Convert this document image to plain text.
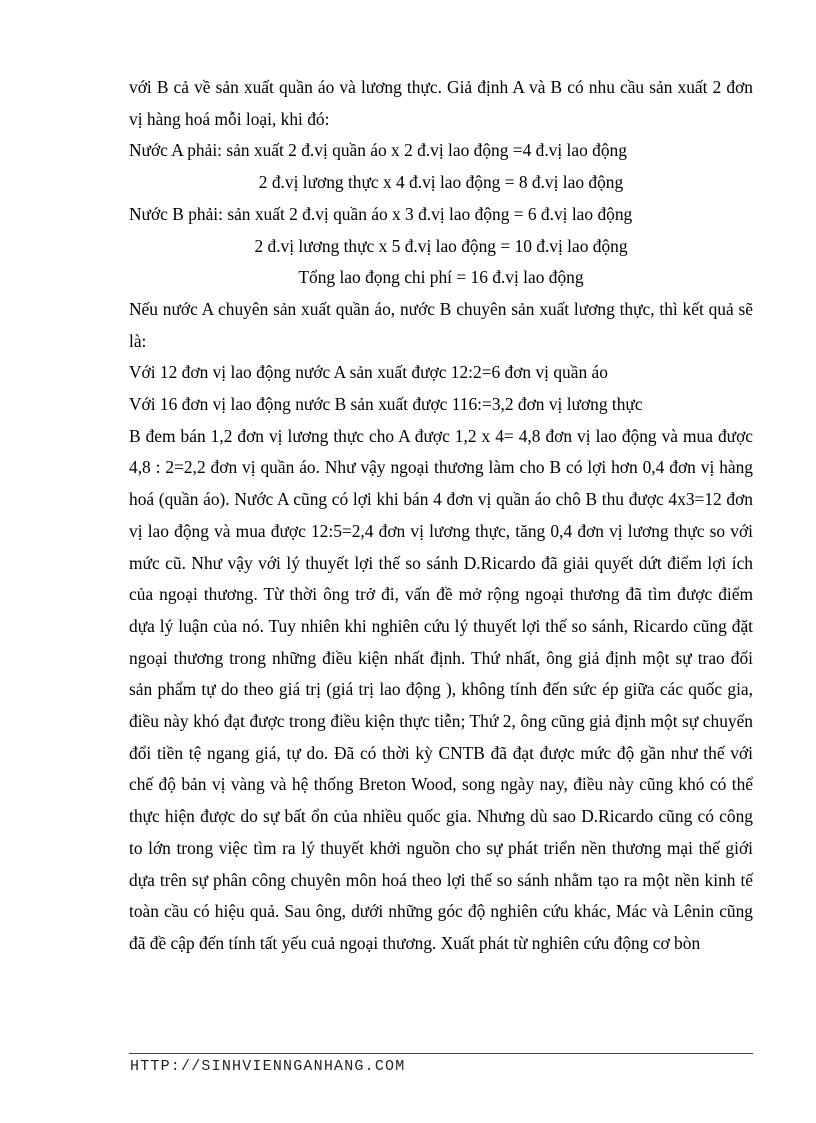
với B cả về sản xuất quần áo và lương thực. Giả định A và B có nhu cầu sản xuất 2 đơn vị hàng hoá mỗi loại, khi đó:

Nước A phải: sản xuất 2 đ.vị quần áo x 2 đ.vị lao động =4 đ.vị lao động

2 đ.vị lương thực x 4 đ.vị lao động = 8 đ.vị lao động

Nước B phải: sản xuất 2 đ.vị quần áo x 3 đ.vị lao động = 6 đ.vị lao động

2 đ.vị lương thực x 5 đ.vị lao động = 10 đ.vị lao động

Tổng lao đọng chi phí = 16 đ.vị lao động

Nếu nước A chuyên sản xuất quần áo, nước B chuyên sản xuất lương thực, thì kết quả sẽ là:

Với 12 đơn vị lao động nước A sản xuất được 12:2=6 đơn vị quần áo

Với 16 đơn vị lao động nước B sản xuất được 116:=3,2 đơn vị lương thực

B đem bán 1,2 đơn vị lương thực cho A được 1,2 x 4= 4,8 đơn vị lao động và mua được 4,8 : 2=2,2 đơn vị quần áo. Như vậy ngoại thương làm cho B có lợi hơn 0,4 đơn vị hàng hoá (quần áo). Nước A cũng có lợi khi bán 4 đơn vị quần áo chô B thu được 4x3=12 đơn vị lao động và mua được 12:5=2,4 đơn vị lương thực, tăng 0,4 đơn vị lương thực so với mức cũ. Như vậy với lý thuyết lợi thế so sánh D.Ricardo đã giải quyết dứt điểm lợi ích của ngoại thương. Từ thời ông trở đi, vấn đề mở rộng ngoại thương đã tìm được điểm dựa lý luận của nó. Tuy nhiên khi nghiên cứu lý thuyết lợi thế so sánh, Ricardo cũng đặt ngoại thương trong những điều kiện nhất định. Thứ nhất, ông giả định một sự trao đổi sản phẩm tự do theo giá trị (giá trị lao động ), không tính đến sức ép giữa các quốc gia, điều này khó đạt được trong điều kiện thực tiễn; Thứ 2, ông cũng giả định một sự chuyển đổi tiền tệ ngang giá, tự do. Đã có thời kỳ CNTB đã đạt được mức độ gần như thế với chế độ bản vị vàng và hệ thống Breton Wood, song ngày nay, điều này cũng khó có thể thực hiện được do sự bất ổn của nhiều quốc gia. Nhưng dù sao D.Ricardo cũng có công to lớn trong việc tìm ra lý thuyết khởi nguồn cho sự phát triển nền thương mại thế giới dựa trên sự phân công chuyên môn hoá theo lợi thế so sánh nhằm tạo ra một nền kinh tế toàn cầu có hiệu quả. Sau ông, dưới những góc độ nghiên cứu khác, Mác và Lênin cũng đã đề cập đến tính tất yếu cuả ngoại thương. Xuất phát từ nghiên cứu động cơ bòn

HTTP://SINHVIENNGANHANG.COM
